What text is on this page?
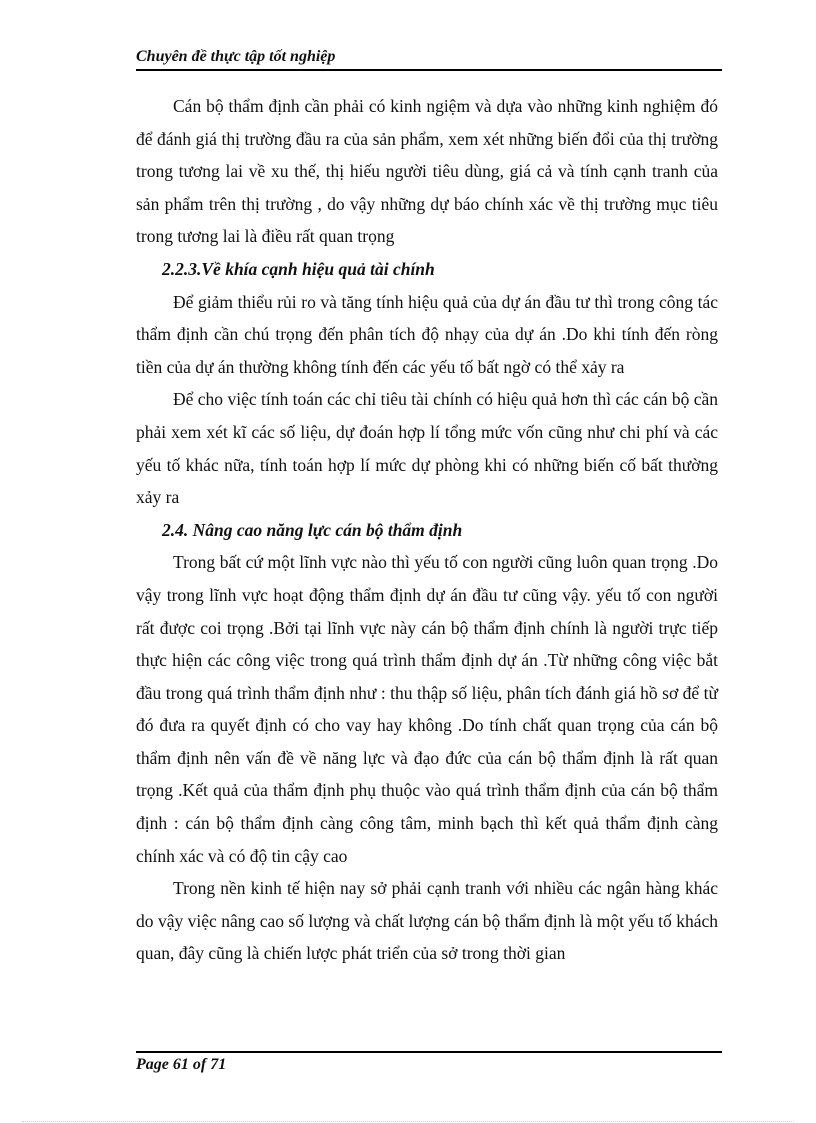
Chuyên đề thực tập tốt nghiệp

Cán bộ thẩm định cần phải có kinh ngiệm và dựa vào những kinh nghiệm đó để đánh giá thị trường đầu ra của sản phẩm, xem xét những biến đổi của thị trường trong tương lai về xu thế, thị hiếu người tiêu dùng, giá cả và tính cạnh tranh của sản phẩm trên thị trường , do vậy những dự báo chính xác về thị trường mục tiêu trong tương lai là điều rất quan trọng

2.2.3.Về khía cạnh hiệu quả tài chính

Để giảm thiểu rủi ro và tăng tính hiệu quả của dự án đầu tư thì trong công tác thẩm định cần chú trọng đến phân tích độ nhạy của dự án .Do khi tính đến ròng tiền của dự án thường không tính đến các yếu tố bất ngờ có thể xảy ra

Để cho việc tính toán các chỉ tiêu tài chính có hiệu quả hơn thì các cán bộ cần phải xem xét kĩ các số liệu, dự đoán hợp lí tổng mức vốn cũng như chi phí và các yếu tố khác nữa, tính toán hợp lí mức dự phòng khi có những biến cố bất thường xảy ra

2.4. Nâng cao năng lực cán bộ thẩm định

Trong bất cứ một lĩnh vực nào thì yếu tố con người cũng luôn quan trọng .Do vậy trong lĩnh vực hoạt động thẩm định dự án đầu tư cũng vậy. yếu tố con người rất được coi trọng .Bởi tại lĩnh vực này cán bộ thẩm định chính là người trực tiếp thực hiện các công việc trong quá trình thẩm định dự án .Từ những công việc bắt đầu trong quá trình thẩm định như : thu thập số liệu, phân tích đánh giá hồ sơ để từ đó đưa ra quyết định có cho vay hay không .Do tính chất quan trọng của cán bộ thẩm định nên vấn đề về năng lực và đạo đức của cán bộ thẩm định là rất quan trọng .Kết quả của thẩm định phụ thuộc vào quá trình thẩm định của cán bộ thẩm định : cán bộ thẩm định càng công tâm, minh bạch thì kết quả thẩm định càng chính xác và có độ tin cậy cao

Trong nền kinh tế hiện nay sở phải cạnh tranh với nhiều các ngân hàng khác do vậy việc nâng cao số lượng và chất lượng cán bộ thẩm định là một yếu tố khách quan, đây cũng là chiến lược phát triển của sở trong thời gian

Page 61 of 71
